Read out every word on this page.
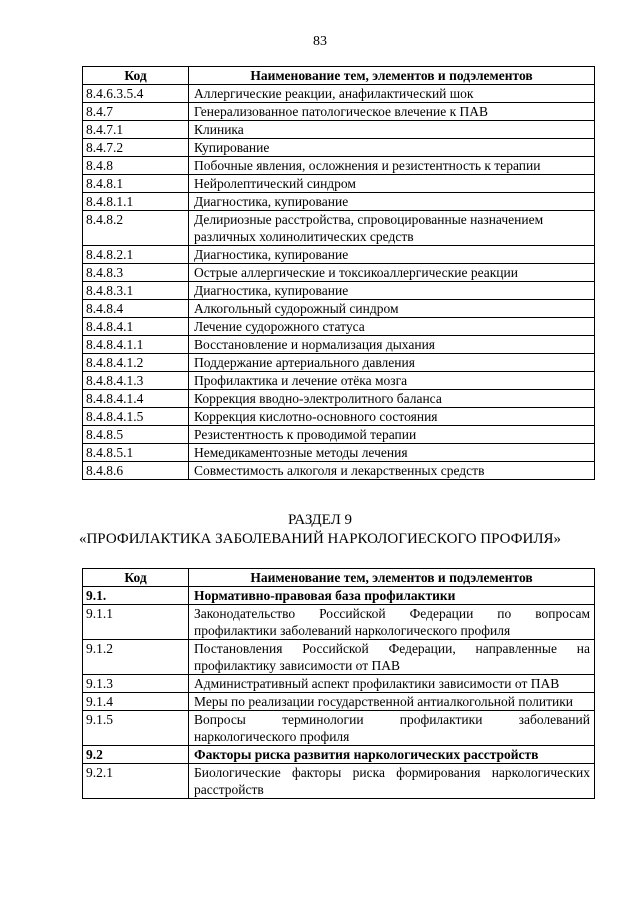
83
Код	Наименование тем, элементов и подэлементов
8.4.6.3.5.4	Аллергические реакции, анафилактический шок
8.4.7	Генерализованное патологическое влечение к ПАВ
8.4.7.1	Клиника
8.4.7.2	Купирование
8.4.8	Побочные явления, осложнения и резистентность к терапии
8.4.8.1	Нейролептический синдром
8.4.8.1.1	Диагностика, купирование
8.4.8.2	Делириозные расстройства, спровоцированные назначением различных холинолитических средств
8.4.8.2.1	Диагностика, купирование
8.4.8.3	Острые аллергические и токсикоаллергические реакции
8.4.8.3.1	Диагностика, купирование
8.4.8.4	Алкогольный судорожный синдром
8.4.8.4.1	Лечение судорожного статуса
8.4.8.4.1.1	Восстановление и нормализация дыхания
8.4.8.4.1.2	Поддержание артериального давления
8.4.8.4.1.3	Профилактика и лечение отёка мозга
8.4.8.4.1.4	Коррекция вводно-электролитного баланса
8.4.8.4.1.5	Коррекция кислотно-основного состояния
8.4.8.5	Резистентность к проводимой терапии
8.4.8.5.1	Немедикаментозные методы лечения
8.4.8.6	Совместимость алкоголя и лекарственных средств
РАЗДЕЛ 9
«ПРОФИЛАКТИКА ЗАБОЛЕВАНИЙ НАРКОЛОГИЕСКОГО ПРОФИЛЯ»
Код	Наименование тем, элементов и подэлементов
9.1.	Нормативно-правовая база профилактики
9.1.1	Законодательство Российской Федерации по вопросам профилактики заболеваний наркологического профиля
9.1.2	Постановления Российской Федерации, направленные на профилактику зависимости от ПАВ
9.1.3	Административный аспект профилактики зависимости от ПАВ
9.1.4	Меры по реализации государственной антиалкогольной политики
9.1.5	Вопросы терминологии профилактики заболеваний наркологического профиля
9.2	Факторы риска развития наркологических расстройств
9.2.1	Биологические факторы риска формирования наркологических расстройств
